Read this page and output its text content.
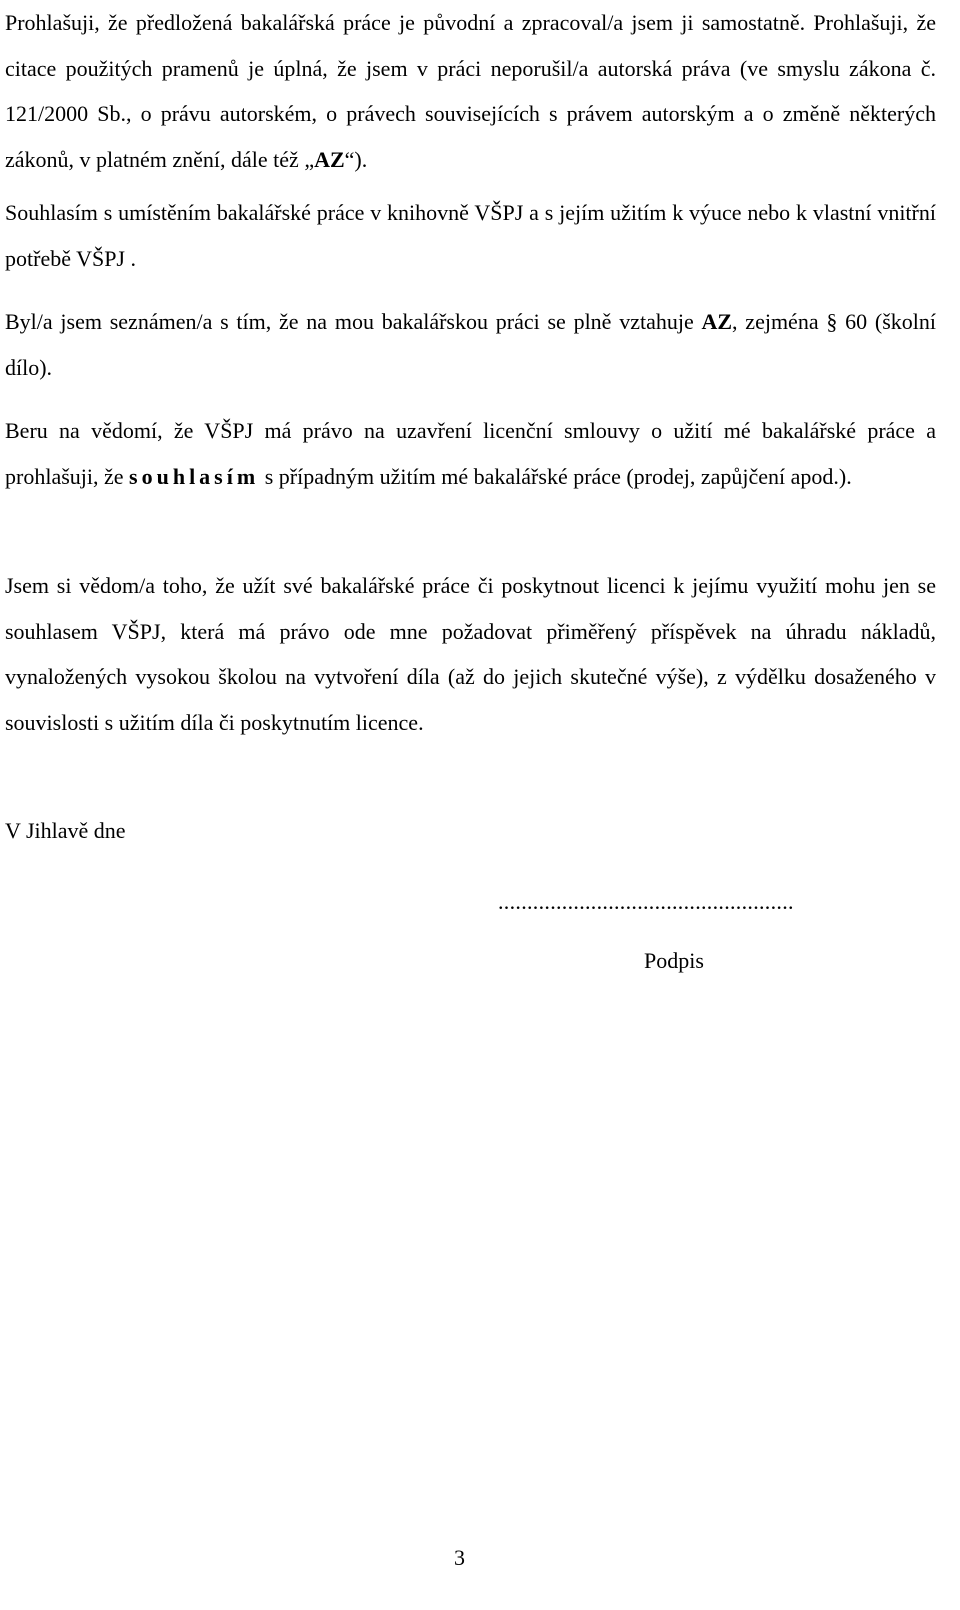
Prohlašuji, že předložená bakalářská práce je původní a zpracoval/a jsem ji samostatně. Prohlašuji, že citace použitých pramenů je úplná, že jsem v práci neporušil/a autorská práva (ve smyslu zákona č. 121/2000 Sb., o právu autorském, o právech souvisejících s právem autorským a o změně některých zákonů, v platném znění, dále též „AZ“).

Souhlasím s umístěním bakalářské práce v knihovně VŠPJ a s jejím užitím k výuce nebo k vlastní vnitřní potřebě VŠPJ .

Byl/a jsem seznámen/a s tím, že na mou bakalářskou práci se plně vztahuje AZ, zejména § 60 (školní dílo).

Beru na vědomí, že VŠPJ má právo na uzavření licenční smlouvy o užití mé bakalářské práce a prohlašuji, že souhlasím s případným užitím mé bakalářské práce (prodej, zapůjčení apod.).

Jsem si vědom/a toho, že užít své bakalářské práce či poskytnout licenci k jejímu využití mohu jen se souhlasem VŠPJ, která má právo ode mne požadovat přiměřený příspěvek na úhradu nákladů, vynaložených vysokou školou na vytvoření díla (až do jejich skutečné výše), z výdělku dosaženého v souvislosti s užitím díla či poskytnutím licence.

V Jihlavě dne

...................................................
Podpis
3
